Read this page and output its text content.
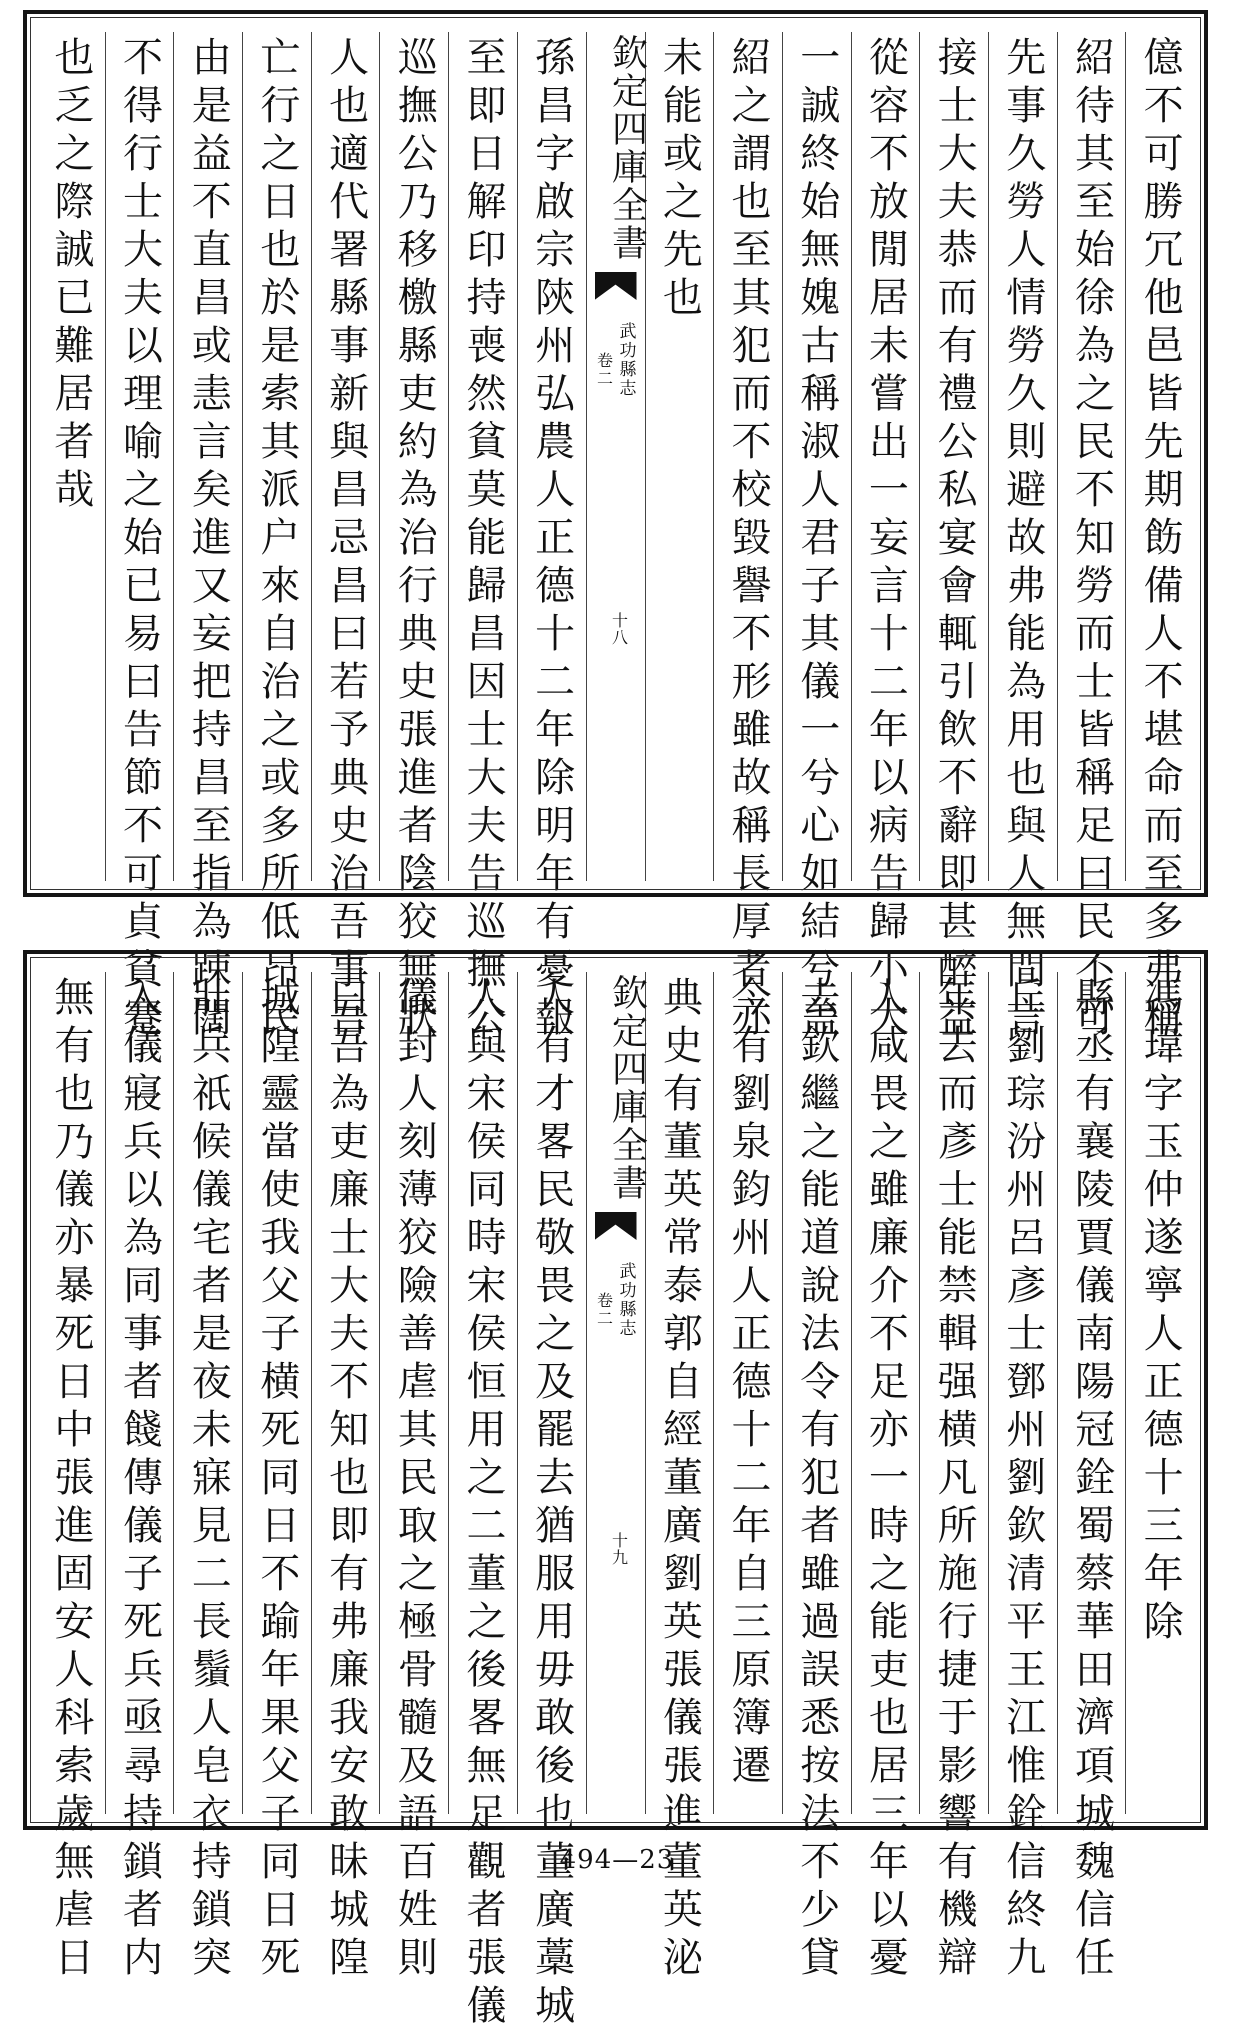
億不可勝冗他邑皆先期飭備人不堪命而至多弗稱
紹待其至始徐為之民不知勞而士皆稱足曰民不可
先事久勞人情勞久則避故弗能為用也與人無間言
接士大夫恭而有禮公私宴會輒引飲不辭即甚醉益
從容不放閒居未嘗出一妄言十二年以病告歸小大
一誠終始無媿古稱淑人君子其儀一兮心如結兮盖
紹之謂也至其犯而不校毀譽不形雖故稱長厚者亦
未能或之先也
欽定四庫全書
武功縣志
卷二
十八
孫昌字啟宗陝州弘農人正德十二年除明年有憂報
至即日解印持喪然貧莫能歸昌因士大夫告巡撫公
巡撫公乃移檄縣吏約為治行典史張進者陰狡無狀
人也適代署縣事新與昌忌昌曰若予典史治吾事吾
亡行之日也於是索其派户來自治之或多所低昂民
由是益不直昌或恚言矣進又妄把持昌至指為踈闊
不得行士大夫以理喻之始已易曰告節不可貞貧蹇
也乏之際誠已難居者哉
馮瑋字玉仲遂寧人正德十三年除
縣丞有襄陵賈儀南陽冠銓蜀蔡華田濟項城魏信任
丘劉琮汾州呂彥士鄧州劉欽清平王江惟銓信終九
年去而彥士能禁輯强横凡所施行捷于影響有機辯
人咸畏之雖廉介不足亦一時之能吏也居三年以憂
去欽繼之能道說法令有犯者雖過誤悉按法不少貸
今有劉泉鈞州人正德十二年自三原簿遷
典史有董英常泰郭自經董廣劉英張儀張進董英泌
欽定四庫全書
武功縣志
卷二
十九
人有才畧民敬畏之及罷去猶服用毋敢後也董廣藁城
人與宋侯同時宋侯恒用之二董之後畧無足觀者張儀
儀封人刻薄狡險善虐其民取之極骨髓及語百姓則
曰吾為吏廉士大夫不知也即有弗廉我安敢昧城隍
城隍靈當使我父子横死同日不踰年果父子同日死
壯兵祇候儀宅者是夜未寐見二長鬚人皂衣持鎖突
入儀寢兵以為同事者餞傳儀子死兵亟尋持鎖者内
無有也乃儀亦暴死日中張進固安人科索歲無虐日	494—23
